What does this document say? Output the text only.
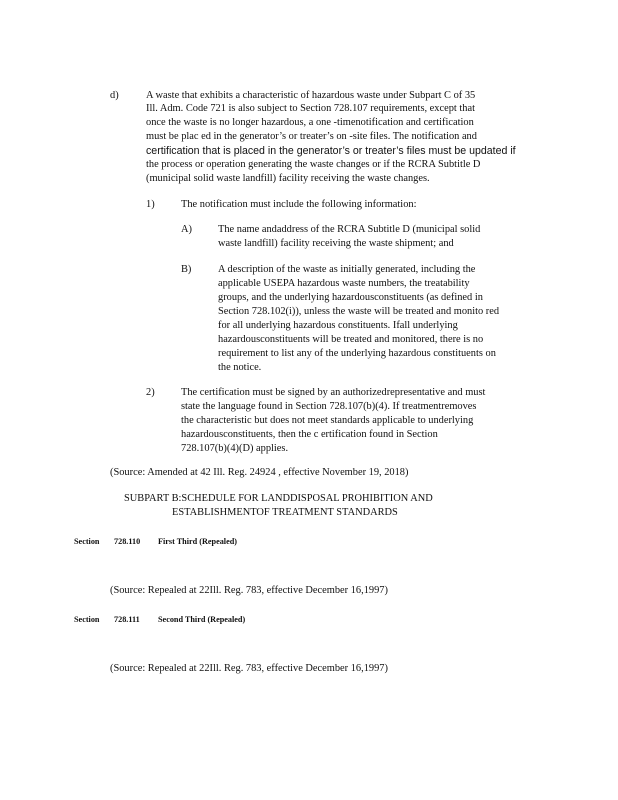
d)	A waste that exhibits a characteristic of hazardous waste under Subpart C of 35
Ill. Adm. Code 721 is also subject to Section 728.107 requirements, except that
once the waste is no longer hazardous, a one -timenotification and certification
must be plac ed in the generator’s or treater’s on -site files. The notification and
certification that is placed in the generator’s or treater’s files must be updated if
the process or operation generating the waste changes or if the RCRA Subtitle D
(municipal solid waste landfill) facility receiving the waste changes.
1)	The notification must include the following information:
A)	The name andaddress of the RCRA Subtitle D (municipal solid
waste landfill) facility receiving the waste shipment; and
B)	A description of the waste as initially generated, including the
applicable USEPA hazardous waste numbers, the treatability
groups, and the underlying hazardousconstituents (as defined in
Section 728.102(i)), unless the waste will be treated and monito red
for all underlying hazardous constituents. Ifall underlying
hazardousconstituents will be treated and monitored, there is no
requirement to list any of the underlying hazardous constituents on
the notice.
2)	The certification must be signed by an authorizedrepresentative and must
state the language found in Section 728.107(b)(4). If treatmentremoves
the characteristic but does not meet standards applicable to underlying
hazardousconstituents, then the c ertification found in Section
728.107(b)(4)(D) applies.
(Source: Amended at 42 Ill. Reg. 24924 , effective November 19, 2018)
SUBPART B:SCHEDULE FOR LANDDISPOSAL PROHIBITION AND
ESTABLISHMENTOF TREATMENT STANDARDS
Section 728.110 First Third (Repealed)
(Source: Repealed at 22Ill. Reg. 783, effective December 16,1997)
Section 728.111 Second Third (Repealed)
(Source: Repealed at 22Ill. Reg. 783, effective December 16,1997)
